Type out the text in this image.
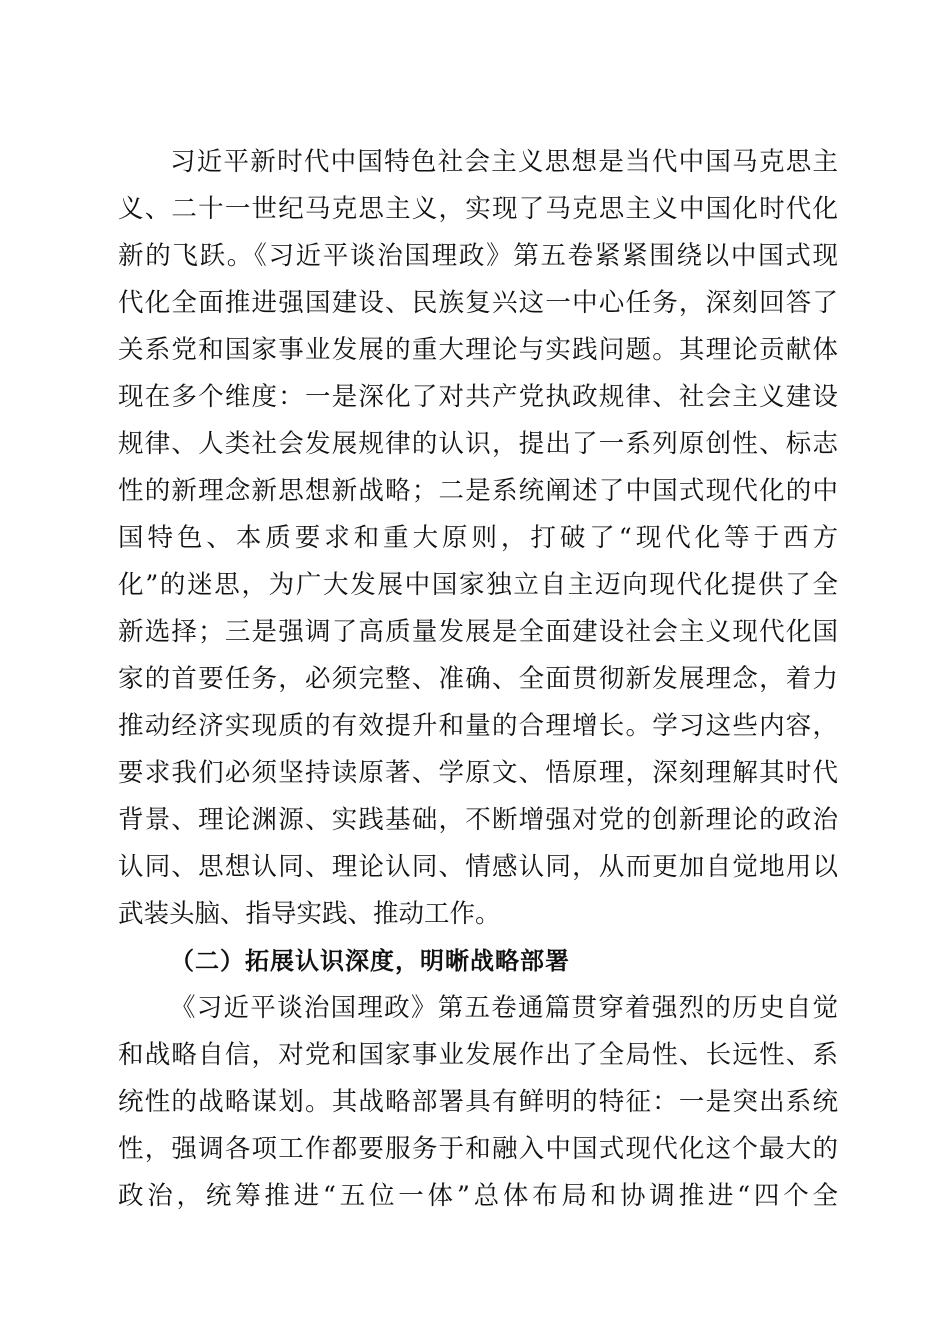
习近平新时代中国特色社会主义思想是当代中国马克思主
义、二十一世纪马克思主义，实现了马克思主义中国化时代化
新的飞跃。《习近平谈治国理政》第五卷紧紧围绕以中国式现
代化全面推进强国建设、民族复兴这一中心任务，深刻回答了
关系党和国家事业发展的重大理论与实践问题。其理论贡献体
现在多个维度：一是深化了对共产党执政规律、社会主义建设
规律、人类社会发展规律的认识，提出了一系列原创性、标志
性的新理念新思想新战略；二是系统阐述了中国式现代化的中
国特色、本质要求和重大原则，打破了“现代化等于西方
化”的迷思，为广大发展中国家独立自主迈向现代化提供了全
新选择；三是强调了高质量发展是全面建设社会主义现代化国
家的首要任务，必须完整、准确、全面贯彻新发展理念，着力
推动经济实现质的有效提升和量的合理增长。学习这些内容，
要求我们必须坚持读原著、学原文、悟原理，深刻理解其时代
背景、理论渊源、实践基础，不断增强对党的创新理论的政治
认同、思想认同、理论认同、情感认同，从而更加自觉地用以
武装头脑、指导实践、推动工作。
（二）拓展认识深度，明晰战略部署
《习近平谈治国理政》第五卷通篇贯穿着强烈的历史自觉
和战略自信，对党和国家事业发展作出了全局性、长远性、系
统性的战略谋划。其战略部署具有鲜明的特征：一是突出系统
性，强调各项工作都要服务于和融入中国式现代化这个最大的
政治，统筹推进“五位一体”总体布局和协调推进“四个全
